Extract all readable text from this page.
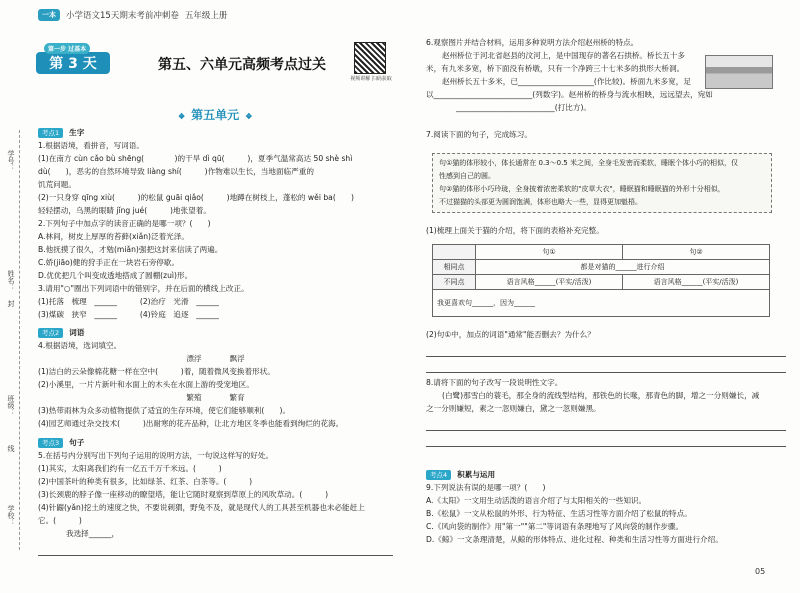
一本	小学语文15天期末考前冲刺卷 五年级上册
第一步 过基本
第 3 天	第五、六单元高频考点过关
视频讲解 扫码获取
❖ 第五单元 ❖
学号：
姓名：
封
班级：
线
学校：

考点1 生字

1.根据语境，看拼音，写词语。

(1)在南方 cùn cǎo bù shēng(　　　　)的干旱 dì qū(　　　)，夏季气温常高达 50 shè shì

dù(　　)，恶劣的自然环境导致 liàng shí(　　　)作物难以生长，当地面临严重的

饥荒问题。

(2)一只身穿 qīng xiù(　　　)的松鼠 guāi qiǎo(　　　)地蹲在树枝上，蓬松的 wěi ba(　　)

轻轻摆动，乌黑的眼睛 jǐng jué(　　　)地张望着。

2.下列句子中加点字的读音正确的是哪一项？(　　)

A.林间，树皮上厚厚的苔藓(xiǎn)泛着光泽。

B.他抚摸了很久，才勉(miǎn)强把这封来信读了两遍。

C.娇(jiāo)健的狩手正在一块岩石旁停歇。

D.优优把几个叫变成透地搭成了圆棚(zuì)形。

3.请用"○"圈出下列词语中的错别字，并在后面的横线上改正。

(1)托落　梳理　______　　　(2)治疗　光滑　______

(3)煤碳　狭窄　______　　　(4)铃庭　追逐　______

考点2 词语

4.根据语境，选词填空。

漂浮	飘浮

(1)洁白的云朵像棉花糖一样在空中(　　　)着，随着微风变换着形状。

(2)小溪里，一片片新叶和水面上的木头在水面上游的受宠地区。

繁殖	繁育

(3)热带雨林为众多动植物提供了适宜的生存环境，使它们能够顺利(　　)。

(4)园艺师通过杂交技术(　　　)出耐寒的花卉品种，让北方地区冬季也能看到绚烂的花海。

考点3 句子

5.在括号内分别写出下列句子运用的说明方法，一句说这样写的好处。

(1)其实，太阳离我们约有一亿五千万千米远。(　　　)

(2)中国茶叶的种类有很多，比如绿茶、红茶、白茶等。(　　　)

(3)长颈鹿的脖子像一座移动的瞭望塔，能让它随时观察到草原上的风吹草动。(　　　)

(4)针鼹(yǎn)挖土的速度之快，不要说刺猬，野兔不及，就是现代人的工具甚至机器也未必能赶上

它。(　　　)

我选择______，

6.观察图片并结合材料，运用多种说明方法介绍赵州桥的特点。

赵州桥位于河北省赵县的汶河上，是中国现存的著名石拱桥。桥长五十多

米，有九米多宽，桥下面没有桥墩，只有一个净跨三十七米多的拱形大桥洞。

赵州桥长五十多米，已____________________(作比较)。桥面九米多宽，足

以__________________________(列数字)。赵州桥的桥身与流水相映，远远望去，宛如

__________________________(打比方)。

7.阅读下面的句子，完成练习。

句①猫的体形较小，体长通常在 0.3～0.5 米之间，全身毛发密而柔软，睡眠个体小巧的相似，仅

性感到自己的圆。

句②猫的体形小巧玲珑，全身披着浓密柔软的"皮草大衣"，睡眠猫和睡眠猫的外形十分相似，

不过猫猫的头部更为圆润饱满，体形也略大一些，显得更加魁梧。

(1)梳理上面关于猫的介绍，将下面的表格补充完整。

	句①	句②
相同点	都是对猫的______进行介绍	
不同点	语言风格______(平实/活泼)	语言风格______(平实/活泼)
我更喜欢句______，因为______		

(2)句①中，加点的词语"通常"能否删去？为什么？

8.请将下面的句子改写一段说明性文字。

(白鹭)那雪白的蓑毛，那全身的流线型结构，那铁色的长喙，那青色的脚，增之一分则嫌长，减

之一分则嫌短，素之一忽则嫌白，黛之一忽则嫌黑。

考点4 积累与运用

9.下列说法有误的是哪一项？(　　)

A.《太阳》一文用生动活泼的语言介绍了与太阳相关的一些知识。

B.《松鼠》一文从松鼠的外形、行为特征、生活习性等方面介绍了松鼠的特点。

C.《风向袋的制作》用"第一""第二"等词语有条理地写了风向袋的制作步骤。

D.《鲸》一文条理清楚，从鲸的形体特点、进化过程、种类和生活习性等方面进行介绍。

05
